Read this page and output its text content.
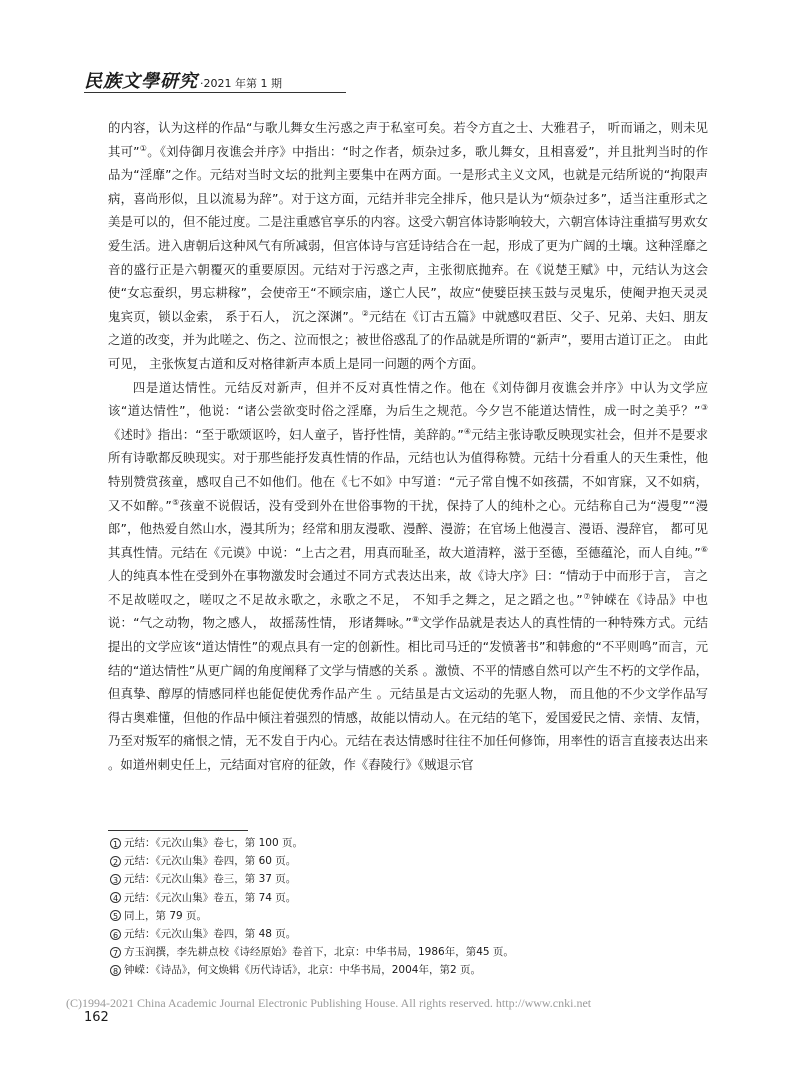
民族文學研究 ·2021 年第 1 期

的内容，认为这样的作品“与歌儿舞女生污惑之声于私室可矣。若令方直之士、大雅君子， 听而诵之，则未见其可”①。《刘侍御月夜谯会并序》中指出：“时之作者，烦杂过多，歌儿舞女，且相喜爱”，并且批判当时的作品为“淫靡”之作。元结对当时文坛的批判主要集中在两方面。一是形式主义文风，也就是元结所说的“拘限声病，喜尚形似，且以流易为辞”。对于这方面，元结并非完全排斥，他只是认为“烦杂过多”，适当注重形式之美是可以的，但不能过度。二是注重感官享乐的内容。这受六朝宫体诗影响较大，六朝宫体诗注重描写男欢女爱生活。进入唐朝后这种风气有所减弱，但宫体诗与宫廷诗结合在一起，形成了更为广阔的土壤。这种淫靡之音的盛行正是六朝覆灭的重要原因。元结对于污惑之声，主张彻底抛弃。在《说楚王赋》中，元结认为这会使“女忘蚕织，男忘耕稼”，会使帝王“不顾宗庙，遂亡人民”，故应“使嬖臣挟玉鼓与灵鬼乐，使阉尹抱天灵灵鬼宾页，锁以金索， 系于石人， 沉之深渊”。②元结在《订古五篇》中就感叹君臣、父子、兄弟、夫妇、朋友之道的改变，并为此嗟之、伤之、泣而恨之；被世俗惑乱了的作品就是所谓的“新声”，要用古道订正之。 由此可见， 主张恢复古道和反对格律新声本质上是同一问题的两个方面。

四是道达情性。元结反对新声，但并不反对真性情之作。他在《刘侍御月夜谯会并序》中认为文学应该“道达情性”，他说：“诸公尝欲变时俗之淫靡，为后生之规范。今夕岂不能道达情性，成一时之美乎？”③《述时》指出：“至于歌颂讴吟，妇人童子，皆抒性情，美辞韵。”④元结主张诗歌反映现实社会，但并不是要求所有诗歌都反映现实。对于那些能抒发真性情的作品，元结也认为值得称赞。元结十分看重人的天生秉性，他特别赞赏孩童，感叹自己不如他们。他在《七不如》中写道：“元子常自愧不如孩孺，不如宵寐，又不如病， 又不如醉。”⑤孩童不说假话，没有受到外在世俗事物的干扰，保持了人的纯朴之心。元结称自己为“漫叟”“漫郎”，他热爱自然山水，漫其所为；经常和朋友漫歌、漫醉、漫游；在官场上他漫言、漫语、漫辞官， 都可见其真性情。元结在《元谟》中说：“上古之君，用真而耻圣，故大道清粹，滋于至德，至德蕴沦，而人自纯。”⑥人的纯真本性在受到外在事物激发时会通过不同方式表达出来，故《诗大序》曰：“情动于中而形于言， 言之不足故嗟叹之，嗟叹之不足故永歌之，永歌之不足， 不知手之舞之，足之蹈之也。”⑦钟嵘在《诗品》中也说：“气之动物，物之感人， 故摇荡性情， 形诸舞咏。”⑧文学作品就是表达人的真性情的一种特殊方式。元结提出的文学应该“道达情性”的观点具有一定的创新性。相比司马迁的“发愤著书”和韩愈的“不平则鸣”而言，元结的“道达情性”从更广阔的角度阐释了文学与情感的关系 。激愤、不平的情感自然可以产生不朽的文学作品，但真挚、醇厚的情感同样也能促使优秀作品产生 。元结虽是古文运动的先驱人物， 而且他的不少文学作品写得古奥难懂，但他的作品中倾注着强烈的情感，故能以情动人。在元结的笔下，爱国爱民之情、亲情、友情，乃至对叛军的痛恨之情，无不发自于内心。元结在表达情感时往往不加任何修饰，用率性的语言直接表达出来 。如道州刺史任上，元结面对官府的征敛，作《舂陵行》《贼退示官

1 元结：《元次山集》卷七，第 100 页。
2 元结：《元次山集》卷四，第 60 页。
3 元结：《元次山集》卷三，第 37 页。
4 元结：《元次山集》卷五，第 74 页。
5 同上，第 79 页。
6 元结：《元次山集》卷四，第 48 页。
7 方玉润撰，李先耕点校《诗经原始》卷首下，北京：中华书局，1986年，第45 页。
8 钟嵘：《诗品》，何文焕辑《历代诗话》，北京：中华书局，2004年，第2 页。
(C)1994-2021 China Academic Journal Electronic Publishing House. All rights reserved. http://www.cnki.net
162
